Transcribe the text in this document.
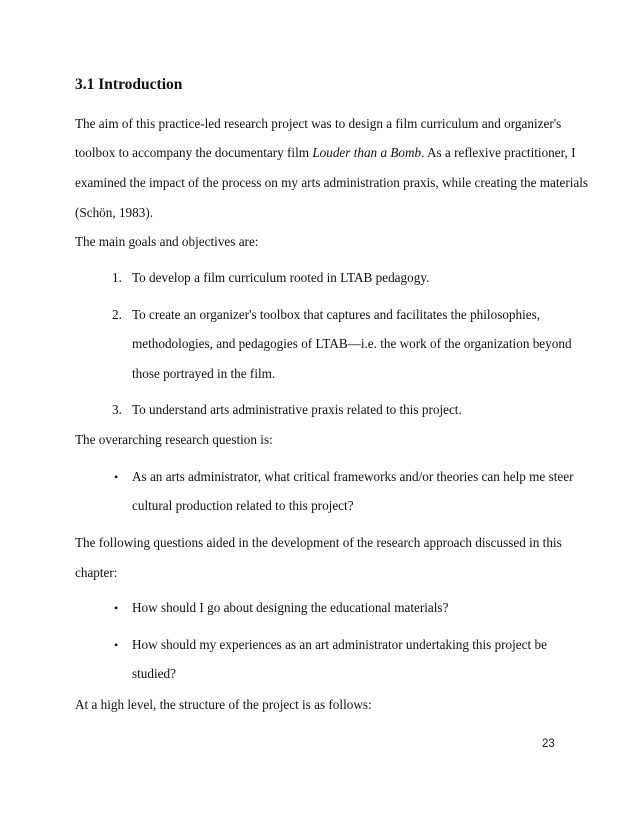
3.1 Introduction
The aim of this practice-led research project was to design a film curriculum and organizer's
toolbox to accompany the documentary film Louder than a Bomb. As a reflexive practitioner, I
examined the impact of the process on my arts administration praxis, while creating the materials
(Schön, 1983).
The main goals and objectives are:
1. To develop a film curriculum rooted in LTAB pedagogy.
2. To create an organizer's toolbox that captures and facilitates the philosophies,
methodologies, and pedagogies of LTAB—i.e. the work of the organization beyond
those portrayed in the film.
3. To understand arts administrative praxis related to this project.
The overarching research question is:
• As an arts administrator, what critical frameworks and/or theories can help me steer
cultural production related to this project?
The following questions aided in the development of the research approach discussed in this
chapter:
• How should I go about designing the educational materials?
• How should my experiences as an art administrator undertaking this project be
studied?
At a high level, the structure of the project is as follows:
23
